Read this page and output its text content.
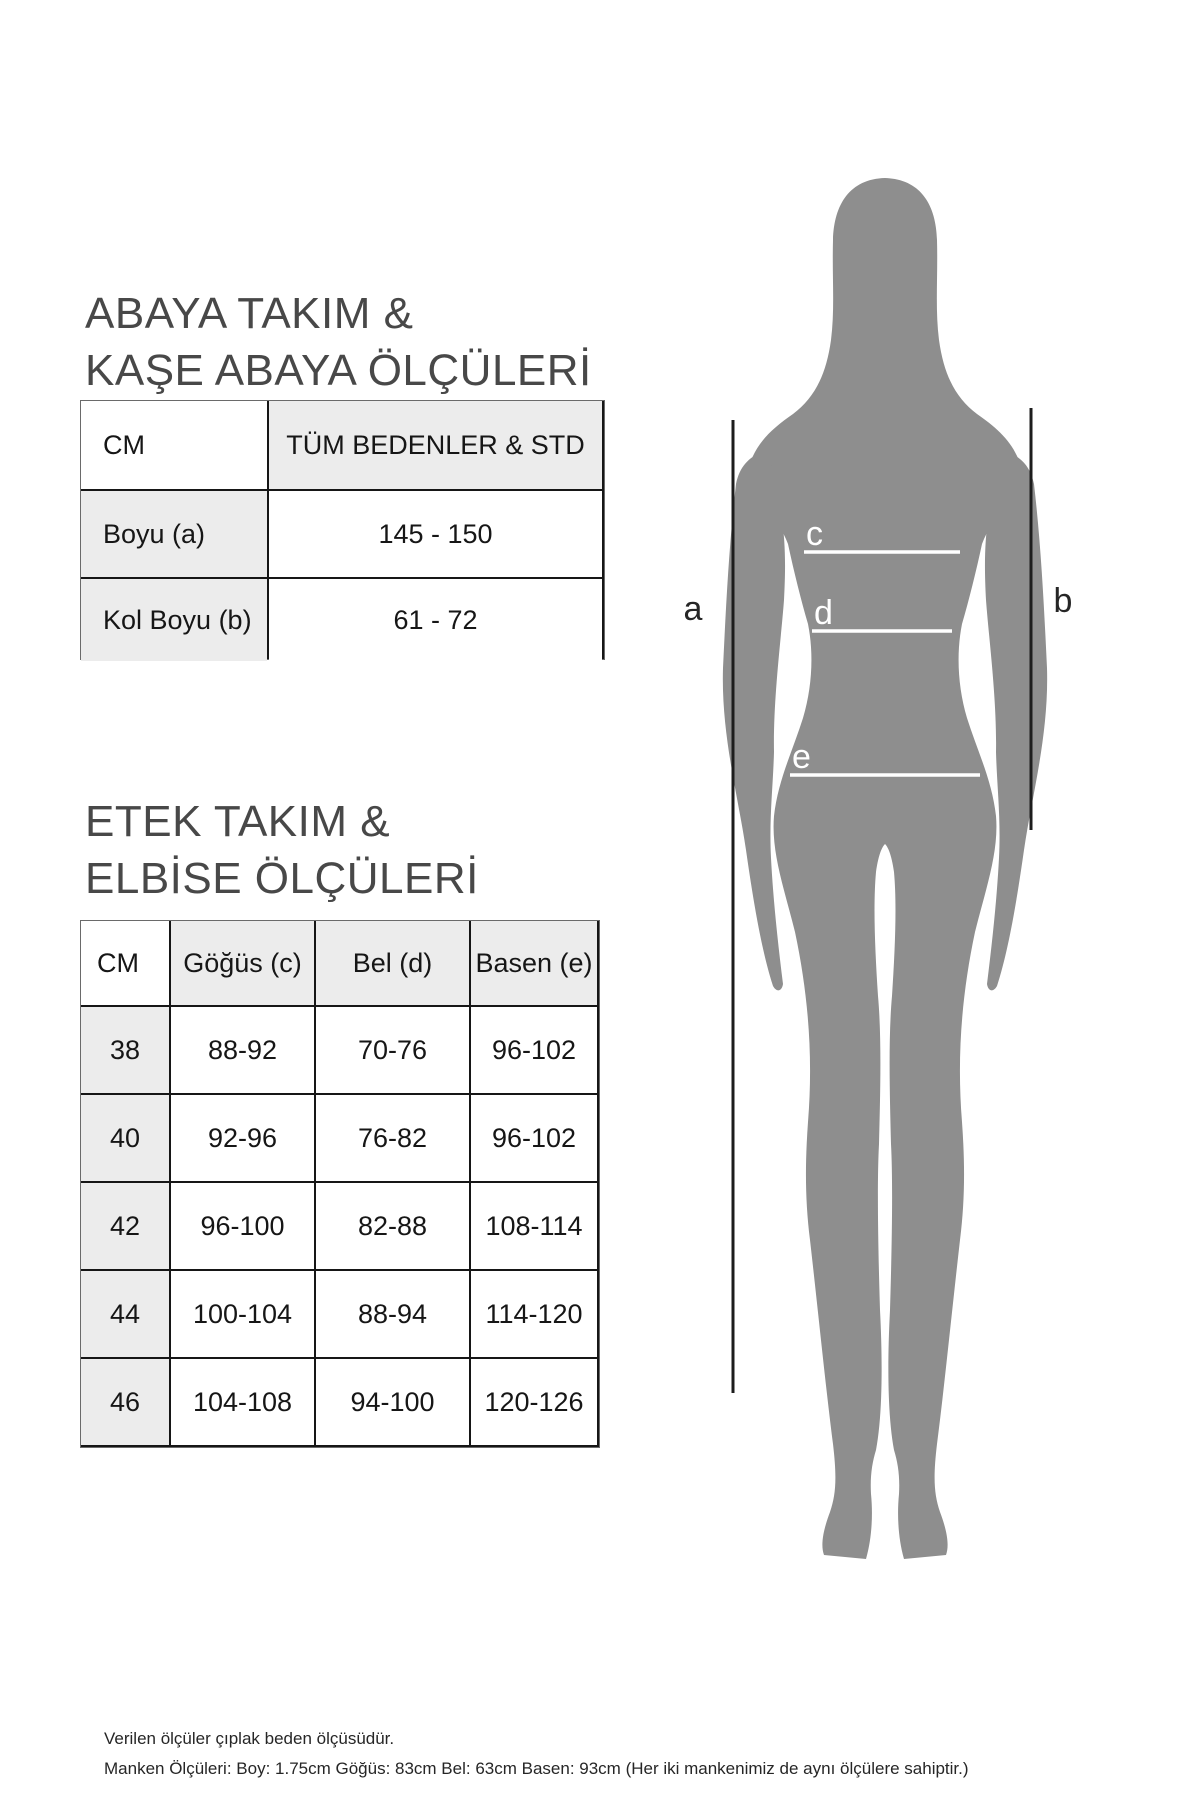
ABAYA TAKIM &
KAŞE ABAYA ÖLÇÜLERİ
CM	TÜM BEDENLER & STD
Boyu (a)	145 - 150
Kol Boyu (b)	61 - 72
ETEK TAKIM &
ELBİSE ÖLÇÜLERİ
CM	Göğüs (c)	Bel (d)	Basen (e)
38	88-92	70-76	96-102
40	92-96	76-82	96-102
42	96-100	82-88	108-114
44	100-104	88-94	114-120
46	104-108	94-100	120-126
a	b
c
d
e
Verilen ölçüler çıplak beden ölçüsüdür.
Manken Ölçüleri: Boy: 1.75cm Göğüs: 83cm Bel: 63cm Basen: 93cm (Her iki mankenimiz de aynı ölçülere sahiptir.)
